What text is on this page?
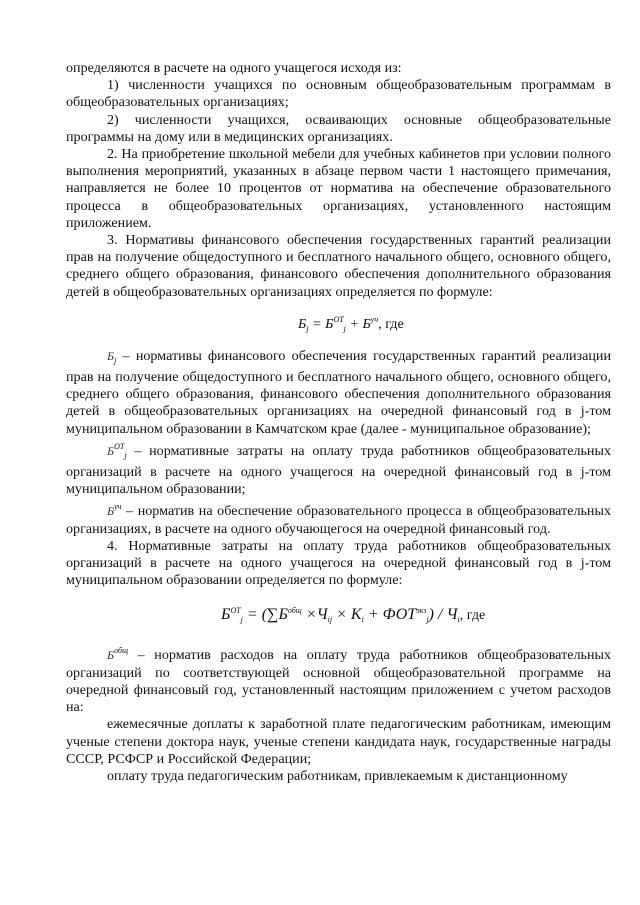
определяются в расчете на одного учащегося исходя из:

1) численности учащихся по основным общеобразовательным программам в общеобразовательных организациях;

2) численности учащихся, осваивающих основные общеобразовательные программы на дому или в медицинских организациях.

2. На приобретение школьной мебели для учебных кабинетов при условии полного выполнения мероприятий, указанных в абзаце первом части 1 настоящего примечания, направляется не более 10 процентов от норматива на обеспечение образовательного процесса в общеобразовательных организациях, установленного настоящим приложением.

3. Нормативы финансового обеспечения государственных гарантий реализации прав на получение общедоступного и бесплатного начального общего, основного общего, среднего общего образования, финансового обеспечения дополнительного образования детей в общеобразовательных организациях определяется по формуле:

$Б_j = Б^{ОТ}_j + Б^{уч}$, где

$Б_j$ – нормативы финансового обеспечения государственных гарантий реализации прав на получение общедоступного и бесплатного начального общего, основного общего, среднего общего образования, финансового обеспечения дополнительного образования детей в общеобразовательных организациях на очередной финансовый год в j-том муниципальном образовании в Камчатском крае (далее - муниципальное образование);

$Б^{ОТ}_j$ – нормативные затраты на оплату труда работников общеобразовательных организаций в расчете на одного учащегося на очередной финансовый год в j-том муниципальном образовании;

$Б^{уч}$ – норматив на обеспечение образовательного процесса в общеобразовательных организациях, в расчете на одного обучающегося на очередной финансовый год.

4. Нормативные затраты на оплату труда работников общеобразовательных организаций в расчете на одного учащегося на очередной финансовый год в j-том муниципальном образовании определяется по формуле:

$Б^{ОТ}j = (\sum Б^{общ} \times Чij \times Ki + ФОТ^{экз}j)$ / Чi, где

$Б^{общ}$ – норматив расходов на оплату труда работников общеобразовательных организаций по соответствующей основной общеобразовательной программе на очередной финансовый год, установленный настоящим приложением с учетом расходов на:

ежемесячные доплаты к заработной плате педагогическим работникам, имеющим ученые степени доктора наук, ученые степени кандидата наук, государственные награды СССР, РСФСР и Российской Федерации;

оплату труда педагогическим работникам, привлекаемым к дистанционному
